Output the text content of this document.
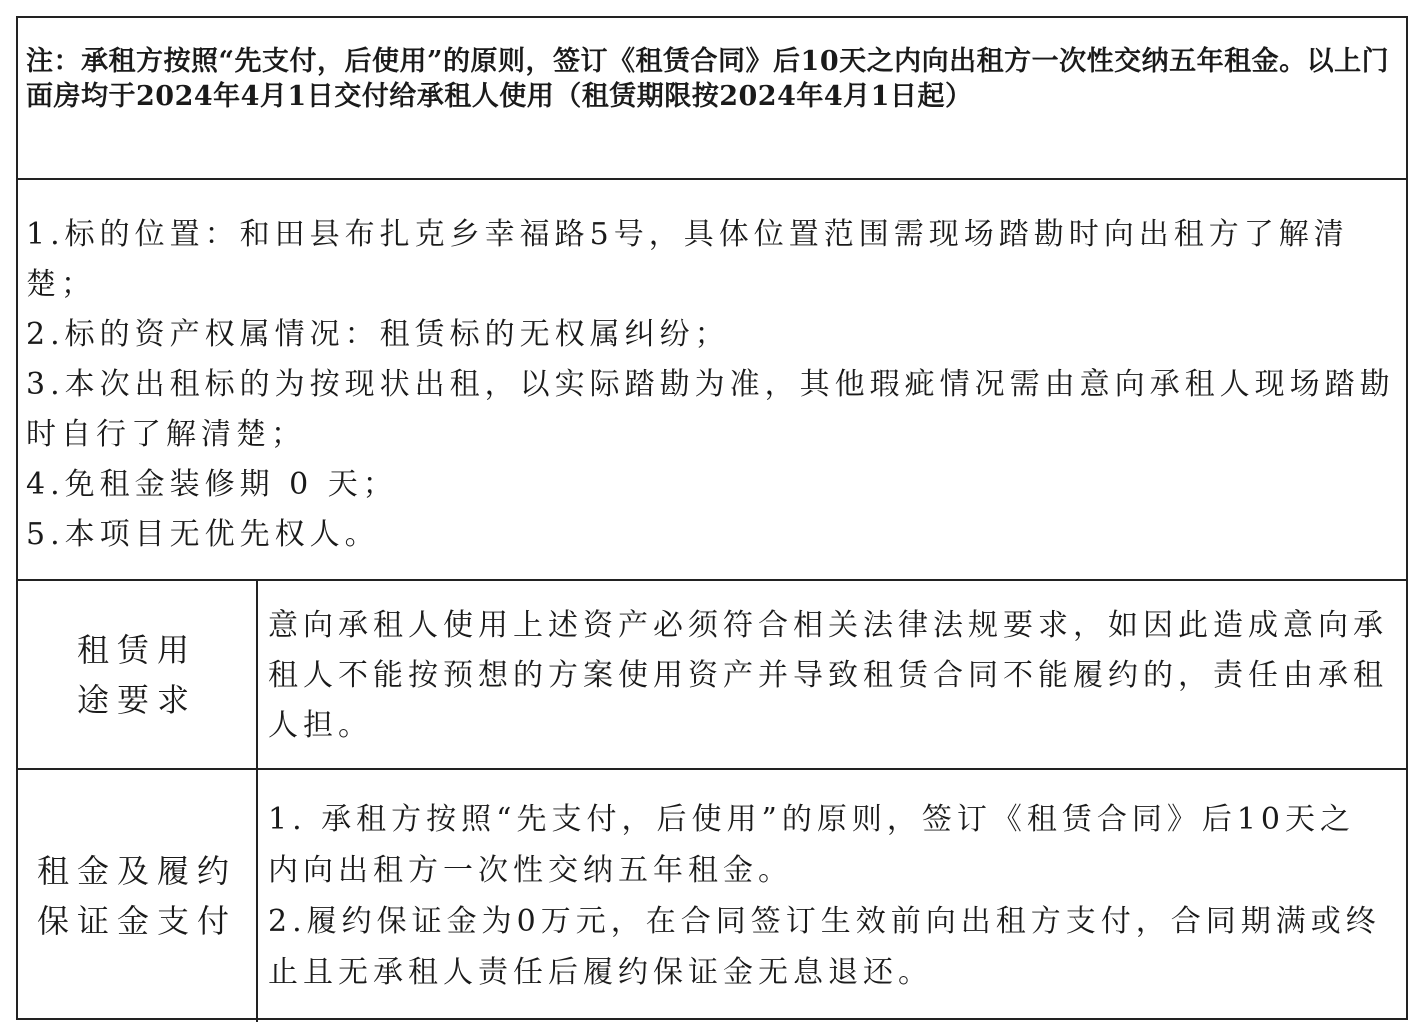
注：承租方按照“先支付，后使用”的原则，签订《租赁合同》后10天之内向出租方一次性交纳五年租金。以上门面房均于2024年4月1日交付给承租人使用（租赁期限按2024年4月1日起）
1.标的位置：和田县布扎克乡幸福路5号，具体位置范围需现场踏勘时向出租方了解清楚；
2.标的资产权属情况：租赁标的无权属纠纷；
3.本次出租标的为按现状出租，以实际踏勘为准，其他瑕疵情况需由意向承租人现场踏勘时自行了解清楚；
4.免租金装修期 0 天；
5.本项目无优先权人。
租赁用
途要求
意向承租人使用上述资产必须符合相关法律法规要求，如因此造成意向承租人不能按预想的方案使用资产并导致租赁合同不能履约的，责任由承租人担。
租金及履约
保证金支付
1. 承租方按照“先支付，后使用”的原则，签订《租赁合同》后10天之内向出租方一次性交纳五年租金。
2.履约保证金为0万元，在合同签订生效前向出租方支付，合同期满或终止且无承租人责任后履约保证金无息退还。
